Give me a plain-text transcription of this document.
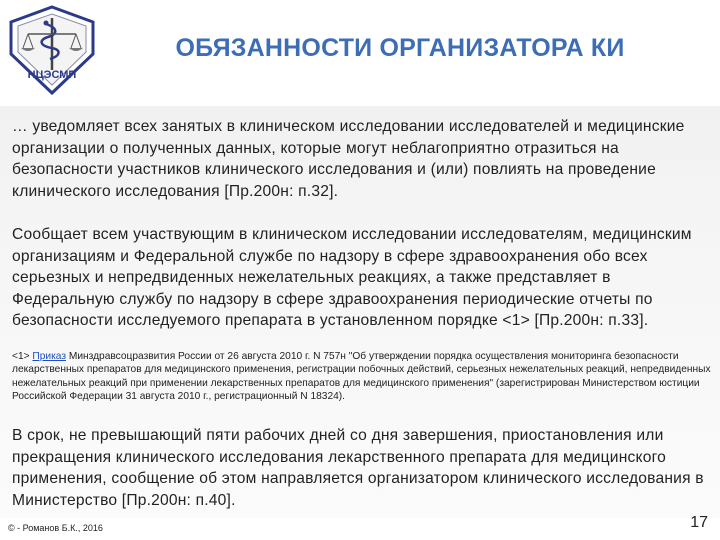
НЦЭСМП
ОБЯЗАННОСТИ ОРГАНИЗАТОРА КИ
… уведомляет всех занятых в клиническом исследовании исследователей и медицинские организации о полученных данных, которые могут неблагоприятно отразиться на безопасности участников клинического исследования и (или) повлиять на проведение клинического исследования [Пр.200н: п.32].
Сообщает всем участвующим в клиническом исследовании исследователям, медицинским организациям и Федеральной службе по надзору в сфере здравоохранения обо всех серьезных и непредвиденных нежелательных реакциях, а также представляет в Федеральную службу по надзору в сфере здравоохранения периодические отчеты по безопасности исследуемого препарата в установленном порядке <1> [Пр.200н: п.33].
<1> Приказ Минздравсоцразвития России от 26 августа 2010 г. N 757н "Об утверждении порядка осуществления мониторинга безопасности лекарственных препаратов для медицинского применения, регистрации побочных действий, серьезных нежелательных реакций, непредвиденных нежелательных реакций при применении лекарственных препаратов для медицинского применения" (зарегистрирован Министерством юстиции Российской Федерации 31 августа 2010 г., регистрационный N 18324).
В срок, не превышающий пяти рабочих дней со дня завершения, приостановления или прекращения клинического исследования лекарственного препарата для медицинского применения, сообщение об этом направляется организатором клинического исследования в Министерство [Пр.200н: п.40].
© - Романов Б.К., 2016	17
